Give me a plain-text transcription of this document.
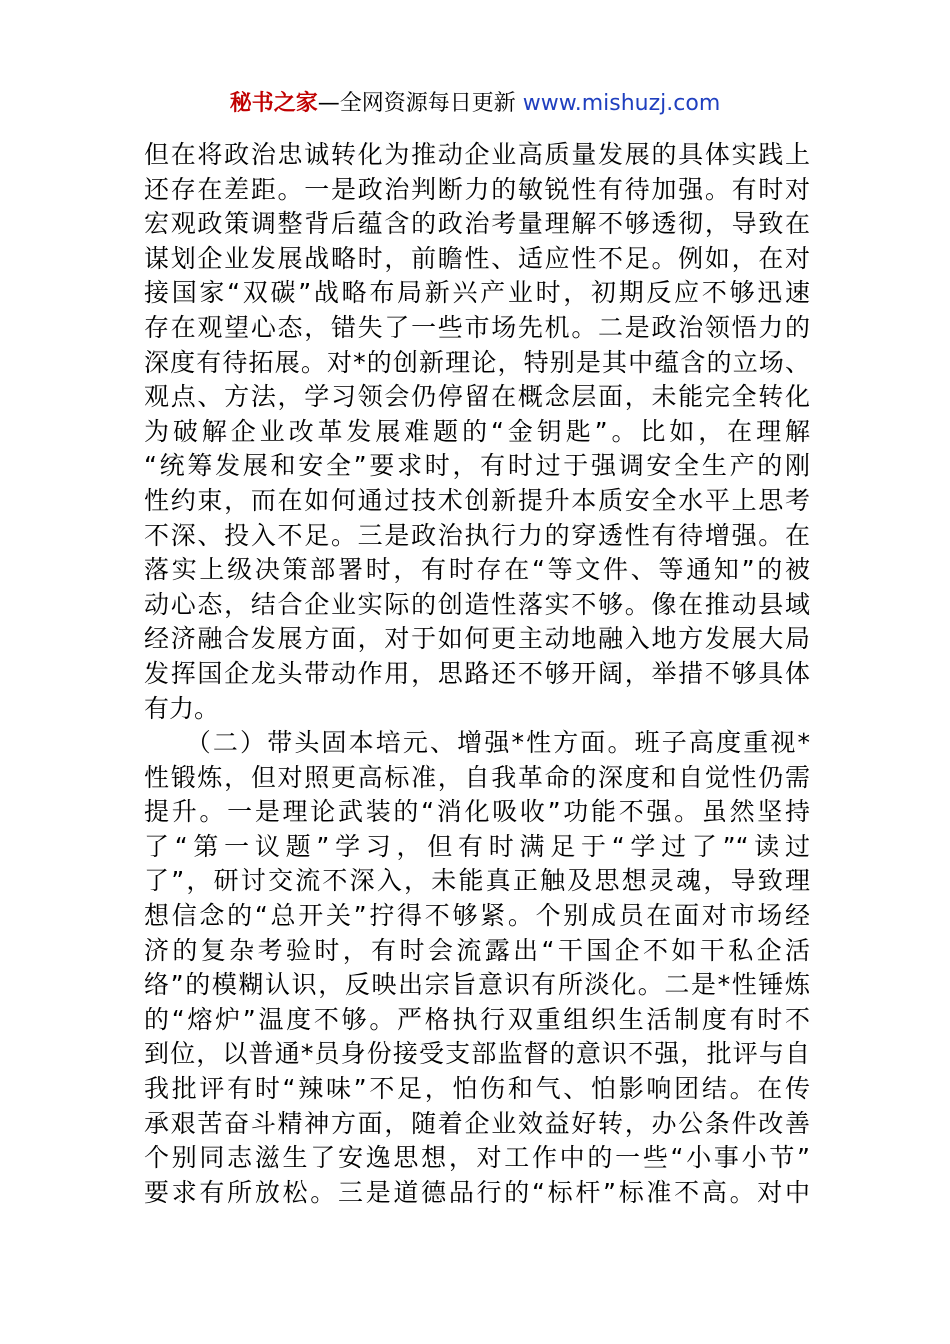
秘书之家—全网资源每日更新 www.mishuzj.com
但在将政治忠诚转化为推动企业高质量发展的具体实践上
还存在差距。一是政治判断力的敏锐性有待加强。有时对
宏观政策调整背后蕴含的政治考量理解不够透彻，导致在
谋划企业发展战略时，前瞻性、适应性不足。例如，在对
接国家“双碳”战略布局新兴产业时，初期反应不够迅速
存在观望心态，错失了一些市场先机。二是政治领悟力的
深度有待拓展。对*的创新理论，特别是其中蕴含的立场、
观点、方法，学习领会仍停留在概念层面，未能完全转化
为破解企业改革发展难题的“金钥匙”。比如，在理解
“统筹发展和安全”要求时，有时过于强调安全生产的刚
性约束，而在如何通过技术创新提升本质安全水平上思考
不深、投入不足。三是政治执行力的穿透性有待增强。在
落实上级决策部署时，有时存在“等文件、等通知”的被
动心态，结合企业实际的创造性落实不够。像在推动县域
经济融合发展方面，对于如何更主动地融入地方发展大局
发挥国企龙头带动作用，思路还不够开阔，举措不够具体
有力。
　　（二）带头固本培元、增强*性方面。班子高度重视*
性锻炼，但对照更高标准，自我革命的深度和自觉性仍需
提升。一是理论武装的“消化吸收”功能不强。虽然坚持
了“第一议题”学习，但有时满足于“学过了”“读过
了”，研讨交流不深入，未能真正触及思想灵魂，导致理
想信念的“总开关”拧得不够紧。个别成员在面对市场经
济的复杂考验时，有时会流露出“干国企不如干私企活
络”的模糊认识，反映出宗旨意识有所淡化。二是*性锤炼
的“熔炉”温度不够。严格执行双重组织生活制度有时不
到位，以普通*员身份接受支部监督的意识不强，批评与自
我批评有时“辣味”不足，怕伤和气、怕影响团结。在传
承艰苦奋斗精神方面，随着企业效益好转，办公条件改善
个别同志滋生了安逸思想，对工作中的一些“小事小节”
要求有所放松。三是道德品行的“标杆”标准不高。对中
